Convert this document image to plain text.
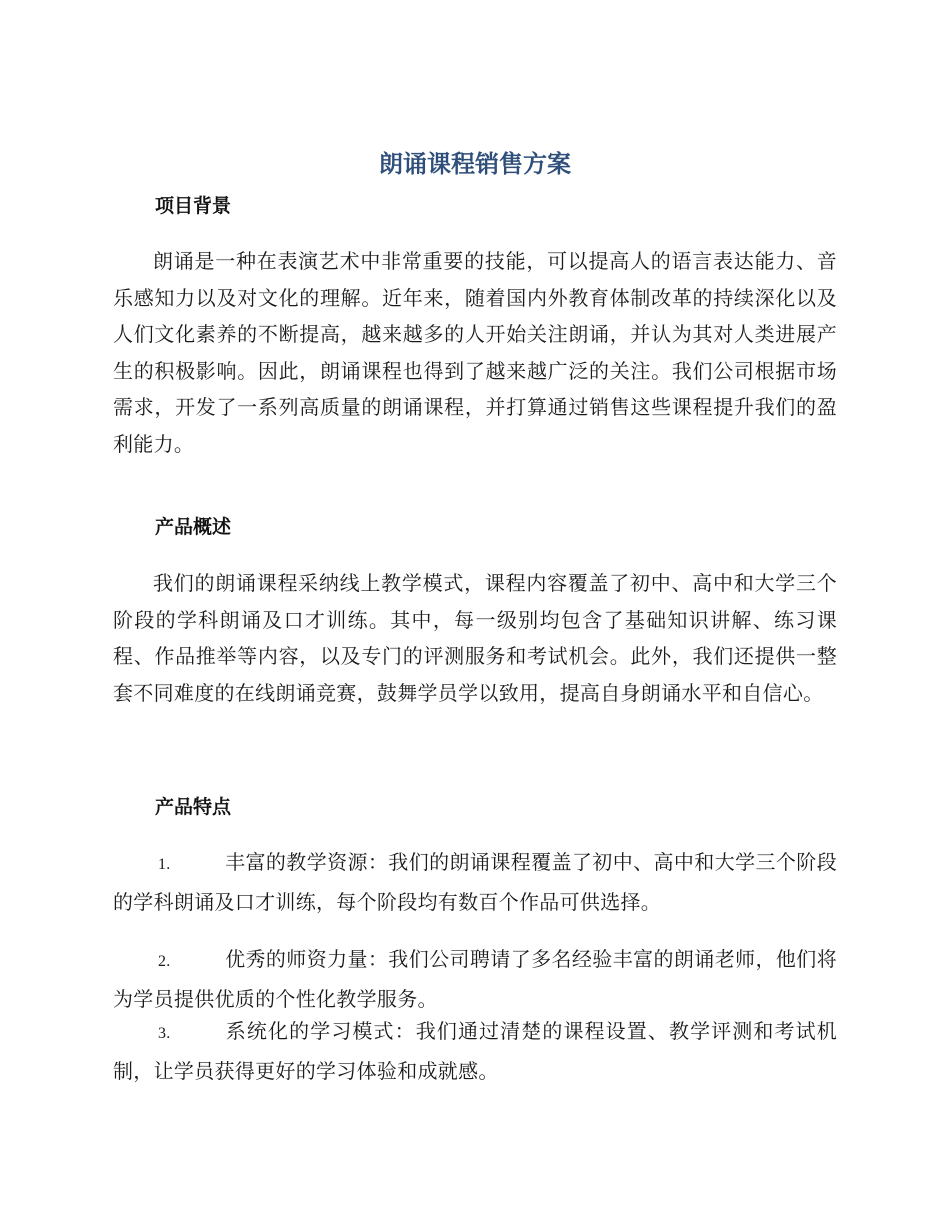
朗诵课程销售方案
项目背景

朗诵是一种在表演艺术中非常重要的技能，可以提高人的语言表达能力、音乐感知力以及对文化的理解。近年来，随着国内外教育体制改革的持续深化以及人们文化素养的不断提高，越来越多的人开始关注朗诵，并认为其对人类进展产生的积极影响。因此，朗诵课程也得到了越来越广泛的关注。我们公司根据市场需求，开发了一系列高质量的朗诵课程，并打算通过销售这些课程提升我们的盈利能力。

产品概述

我们的朗诵课程采纳线上教学模式，课程内容覆盖了初中、高中和大学三个阶段的学科朗诵及口才训练。其中，每一级别均包含了基础知识讲解、练习课程、作品推举等内容，以及专门的评测服务和考试机会。此外，我们还提供一整套不同难度的在线朗诵竞赛，鼓舞学员学以致用，提高自身朗诵水平和自信心。

产品特点

1.	丰富的教学资源：我们的朗诵课程覆盖了初中、高中和大学三个阶段的学科朗诵及口才训练，每个阶段均有数百个作品可供选择。

2.	优秀的师资力量：我们公司聘请了多名经验丰富的朗诵老师，他们将为学员提供优质的个性化教学服务。

3.	系统化的学习模式：我们通过清楚的课程设置、教学评测和考试机制，让学员获得更好的学习体验和成就感。
